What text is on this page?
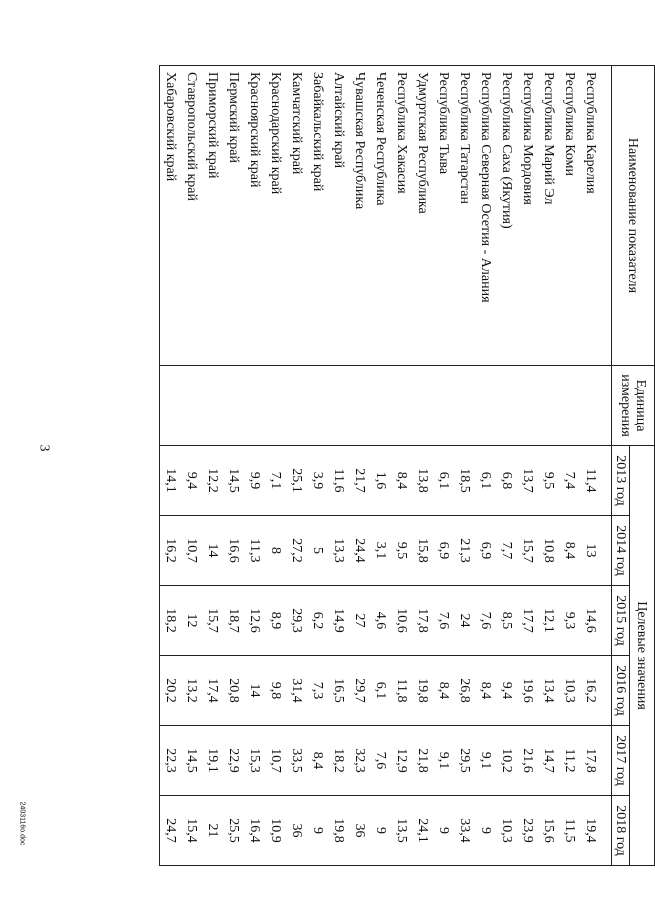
3
Наименование показателя	Единица измерения	Целевые значения					
		2013 год	2014 год	2015 год	2016 год	2017 год	2018 год

Республика Карелия		11,4	13	14,6	16,2	17,8	19,4
Республика Коми		7,4	8,4	9,3	10,3	11,2	11,5
Республика Марий Эл		9,5	10,8	12,1	13,4	14,7	15,6
Республика Мордовия		13,7	15,7	17,7	19,6	21,6	23,9
Республика Саха (Якутия)		6,8	7,7	8,5	9,4	10,2	10,3
Республика Северная Осетия - Алания		6,1	6,9	7,6	8,4	9,1	9
Республика Татарстан		18,5	21,3	24	26,8	29,5	33,4
Республика Тыва		6,1	6,9	7,6	8,4	9,1	9
Удмуртская Республика		13,8	15,8	17,8	19,8	21,8	24,1
Республика Хакасия		8,4	9,5	10,6	11,8	12,9	13,5
Чеченская Республика		1,6	3,1	4,6	6,1	7,6	9
Чувашская Республика		21,7	24,4	27	29,7	32,3	36
Алтайский край		11,6	13,3	14,9	16,5	18,2	19,8
Забайкальский край		3,9	5	6,2	7,3	8,4	9
Камчатский край		25,1	27,2	29,3	31,4	33,5	36
Краснодарский край		7,1	8	8,9	9,8	10,7	10,9
Красноярский край		9,9	11,3	12,6	14	15,3	16,4
Пермский край		14,5	16,6	18,7	20,8	22,9	25,5
Приморский край		12,2	14	15,7	17,4	19,1	21
Ставропольский край		9,4	10,7	12	13,2	14,5	15,4
Хабаровский край		14,1	16,2	18,2	20,2	22,3	24,7
2403116о.doc
